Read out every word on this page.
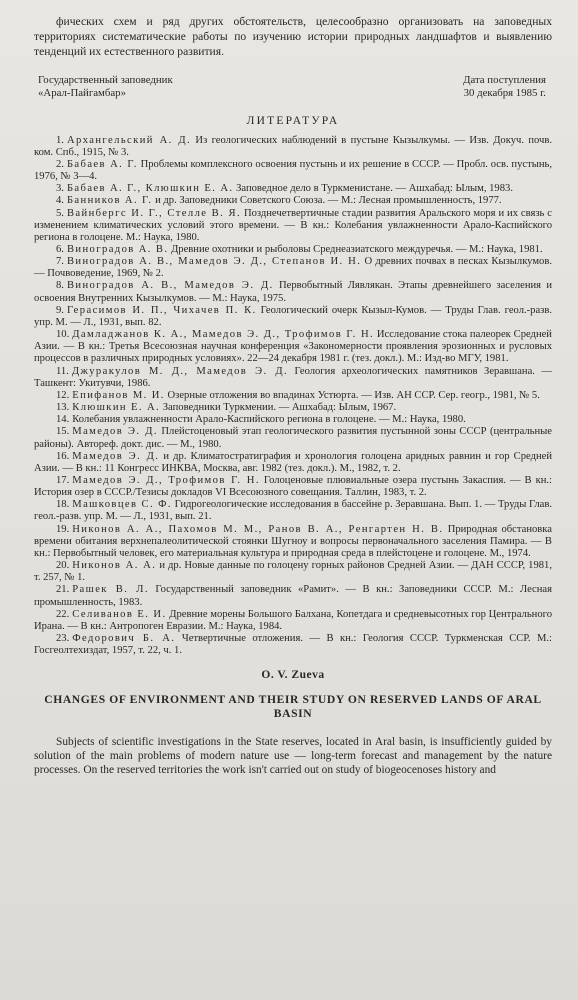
фических схем и ряд других обстоятельств, целесообразно организовать на заповедных территориях систематические работы по изучению истории природных ландшафтов и выявлению тенденций их естественного развития.

Государственный заповедник
«Арал-Пайгамбар»
Дата поступления
30 декабря 1985 г.
ЛИТЕРАТУРА
1. Архангельский А. Д. Из геологических наблюдений в пустыне Кызылкумы. — Изв. Докуч. почв. ком. Спб., 1915, № 3.
2. Бабаев А. Г. Проблемы комплексного освоения пустынь и их решение в СССР. — Пробл. осв. пустынь, 1976, № 3—4.
3. Бабаев А. Г., Клюшкин Е. А. Заповедное дело в Туркменистане. — Ашхабад: Ылым, 1983.
4. Банников А. Г. и др. Заповедники Советского Союза. — М.: Лесная промышленность, 1977.
5. Вайнбергс И. Г., Стелле В. Я. Позднечетвертичные стадии развития Аральского моря и их связь с изменением климатических условий этого времени. — В кн.: Колебания увлажненности Арало-Каспийского региона в голоцене. М.: Наука, 1980.
6. Виноградов А. В. Древние охотники и рыболовы Среднеазиатского междуречья. — М.: Наука, 1981.
7. Виноградов А. В., Мамедов Э. Д., Степанов И. Н. О древних почвах в песках Кызылкумов. — Почвоведение, 1969, № 2.
8. Виноградов А. В., Мамедов Э. Д. Первобытный Лявлякан. Этапы древнейшего заселения и освоения Внутренних Кызылкумов. — М.: Наука, 1975.
9. Герасимов И. П., Чихачев П. К. Геологический очерк Кызыл-Кумов. — Труды Глав. геол.-разв. упр. М. — Л., 1931, вып. 82.
10. Дамладжанов К. А., Мамедов Э. Д., Трофимов Г. Н. Исследование стока палеорек Средней Азии. — В кн.: Третья Всесоюзная научная конференция «Закономерности проявления эрозионных и русловых процессов в различных природных условиях». 22—24 декабря 1981 г. (тез. докл.). М.: Изд-во МГУ, 1981.
11. Джуракулов М. Д., Мамедов Э. Д. Геология археологических памятников Зеравшана. — Ташкент: Укитувчи, 1986.
12. Епифанов М. И. Озерные отложения во впадинах Устюрта. — Изв. АН ССР. Сер. геогр., 1981, № 5.
13. Клюшкин Е. А. Заповедники Туркмении. — Ашхабад: Ылым, 1967.
14. Колебания увлажненности Арало-Каспийского региона в голоцене. — М.: Наука, 1980.
15. Мамедов Э. Д. Плейстоценовый этап геологического развития пустынной зоны СССР (центральные районы). Автореф. докт. дис. — М., 1980.
16. Мамедов Э. Д. и др. Климатостратиграфия и хронология голоцена аридных равнин и гор Средней Азии. — В кн.: 11 Конгресс ИНКВА, Москва, авг. 1982 (тез. докл.). М., 1982, т. 2.
17. Мамедов Э. Д., Трофимов Г. Н. Голоценовые плювиальные озера пустынь Закаспия. — В кн.: История озер в СССР./Тезисы докладов VI Всесоюзного совещания. Таллин, 1983, т. 2.
18. Машковцев С. Ф. Гидрогеологические исследования в бассейне р. Зеравшана. Вып. 1. — Труды Глав. геол.-разв. упр. М. — Л., 1931, вып. 21.
19. Никонов А. А., Пахомов М. М., Ранов В. А., Ренгартен Н. В. Природная обстановка времени обитания верхнепалеолитической стоянки Шугноу и вопросы первоначального заселения Памира. — В кн.: Первобытный человек, его материальная культура и природная среда в плейстоцене и голоцене. М., 1974.
20. Никонов А. А. и др. Новые данные по голоцену горных районов Средней Азии. — ДАН СССР, 1981, т. 257, № 1.
21. Рашек В. Л. Государственный заповедник «Рамит». — В кн.: Заповедники СССР. М.: Лесная промышленность, 1983.
22. Селиванов Е. И. Древние морены Большого Балхана, Копетдага и средневысотных гор Центрального Ирана. — В кн.: Антропоген Евразии. М.: Наука, 1984.
23. Федорович Б. А. Четвертичные отложения. — В кн.: Геология СССР. Туркменская ССР. М.: Госгеолтехиздат, 1957, т. 22, ч. 1.
O. V. Zueva
CHANGES OF ENVIRONMENT AND THEIR STUDY ON RESERVED LANDS OF ARAL BASIN

Subjects of scientific investigations in the State reserves, located in Aral basin, is insufficiently guided by solution of the main problems of modern nature use — long-term forecast and management by the nature processes. On the reserved territories the work isn't carried out on study of biogeocenoses history and
